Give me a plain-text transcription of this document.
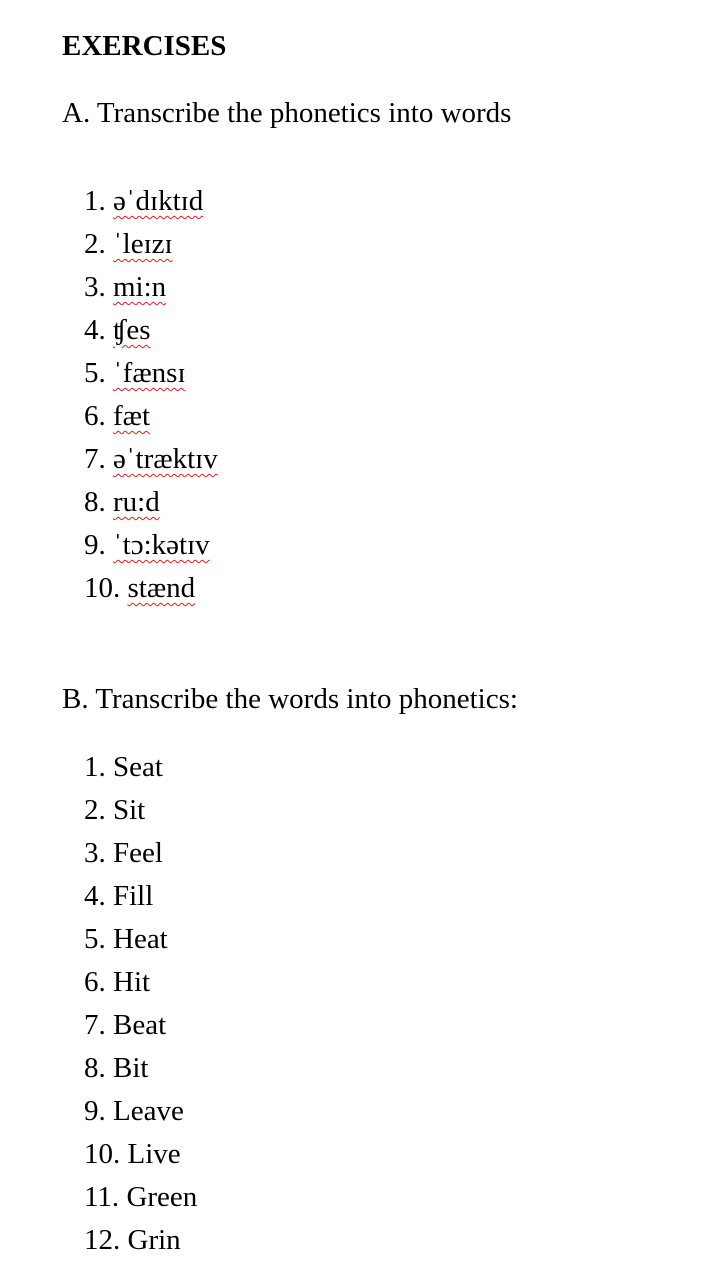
EXERCISES
A. Transcribe the phonetics into words
1. əˈdɪktɪd
2. ˈleɪzɪ
3. mi:n
4. ʧes
5. ˈfænsɪ
6. fæt
7. əˈtræktɪv
8. ru:d
9. ˈtɔ:kətɪv
10. stænd
B. Transcribe the words into phonetics:
1. Seat
2. Sit
3. Feel
4. Fill
5. Heat
6. Hit
7. Beat
8. Bit
9. Leave
10. Live
11. Green
12. Grin
